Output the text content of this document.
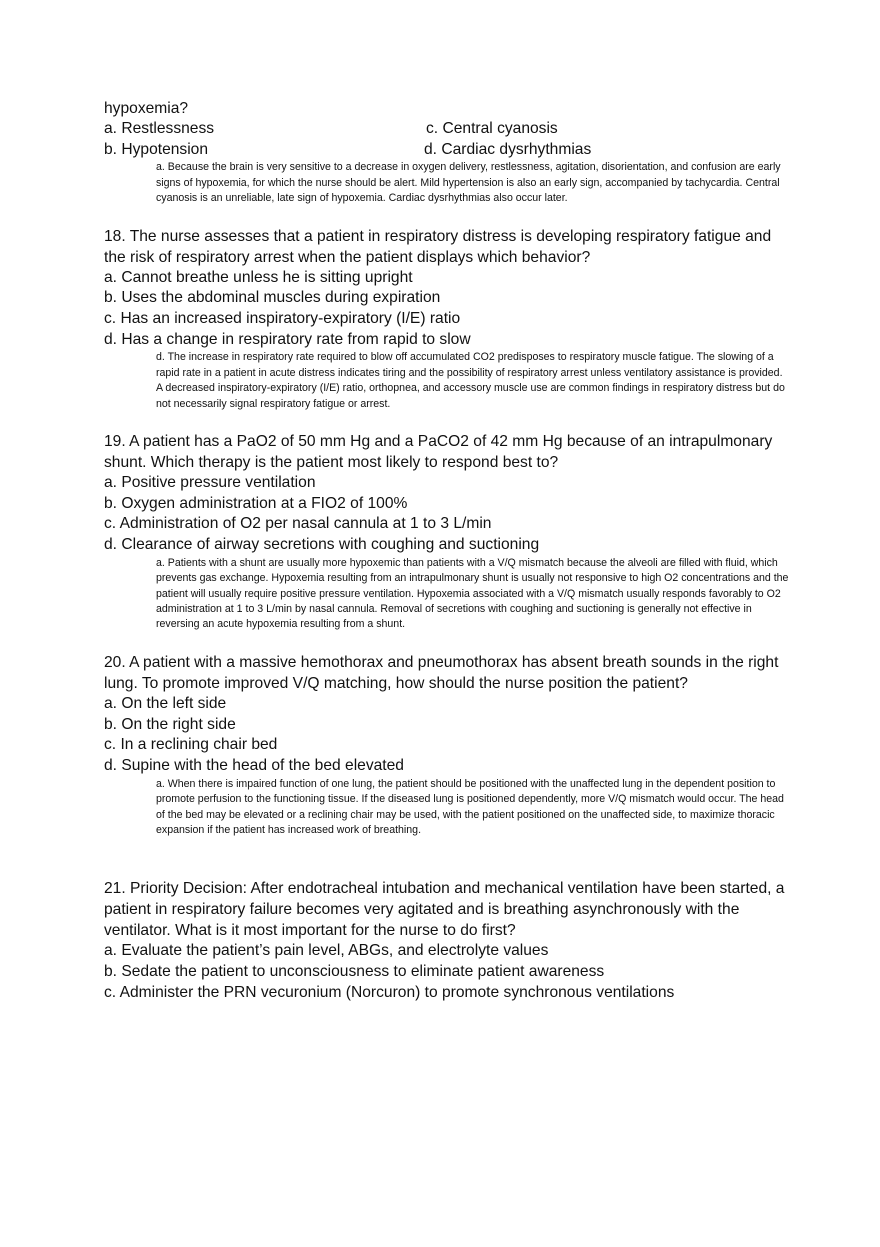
hypoxemia?

a. Restlessness	c. Central cyanosis
b. Hypotension	d. Cardiac dysrhythmias

a. Because the brain is very sensitive to a decrease in oxygen delivery, restlessness, agitation, disorientation, and confusion are early signs of hypoxemia, for which the nurse should be alert. Mild hypertension is also an early sign, accompanied by tachycardia. Central cyanosis is an unreliable, late sign of hypoxemia. Cardiac dysrhythmias also occur later.

18. The nurse assesses that a patient in respiratory distress is developing respiratory fatigue and the risk of respiratory arrest when the patient displays which behavior?

a. Cannot breathe unless he is sitting upright

b. Uses the abdominal muscles during expiration

c. Has an increased inspiratory-expiratory (I/E) ratio

d. Has a change in respiratory rate from rapid to slow

d. The increase in respiratory rate required to blow off accumulated CO2 predisposes to respiratory muscle fatigue. The slowing of a rapid rate in a patient in acute distress indicates tiring and the possibility of respiratory arrest unless ventilatory assistance is provided. A decreased inspiratory-expiratory (I/E) ratio, orthopnea, and accessory muscle use are common findings in respiratory distress but do not necessarily signal respiratory fatigue or arrest.

19. A patient has a PaO2 of 50 mm Hg and a PaCO2 of 42 mm Hg because of an intrapulmonary shunt. Which therapy is the patient most likely to respond best to?

a. Positive pressure ventilation

b. Oxygen administration at a FIO2 of 100%

c. Administration of O2 per nasal cannula at 1 to 3 L/min

d. Clearance of airway secretions with coughing and suctioning

a. Patients with a shunt are usually more hypoxemic than patients with a V/Q mismatch because the alveoli are filled with fluid, which prevents gas exchange. Hypoxemia resulting from an intrapulmonary shunt is usually not responsive to high O2 concentrations and the patient will usually require positive pressure ventilation. Hypoxemia associated with a V/Q mismatch usually responds favorably to O2 administration at 1 to 3 L/min by nasal cannula. Removal of secretions with coughing and suctioning is generally not effective in reversing an acute hypoxemia resulting from a shunt.

20. A patient with a massive hemothorax and pneumothorax has absent breath sounds in the right lung. To promote improved V/Q matching, how should the nurse position the patient?

a. On the left side

b. On the right side

c. In a reclining chair bed

d. Supine with the head of the bed elevated

a. When there is impaired function of one lung, the patient should be positioned with the unaffected lung in the dependent position to promote perfusion to the functioning tissue. If the diseased lung is positioned dependently, more V/Q mismatch would occur. The head of the bed may be elevated or a reclining chair may be used, with the patient positioned on the unaffected side, to maximize thoracic expansion if the patient has increased work of breathing.

21. Priority Decision: After endotracheal intubation and mechanical ventilation have been started, a patient in respiratory failure becomes very agitated and is breathing asynchronously with the ventilator. What is it most important for the nurse to do first?

a. Evaluate the patient’s pain level, ABGs, and electrolyte values

b. Sedate the patient to unconsciousness to eliminate patient awareness

c. Administer the PRN vecuronium (Norcuron) to promote synchronous ventilations
